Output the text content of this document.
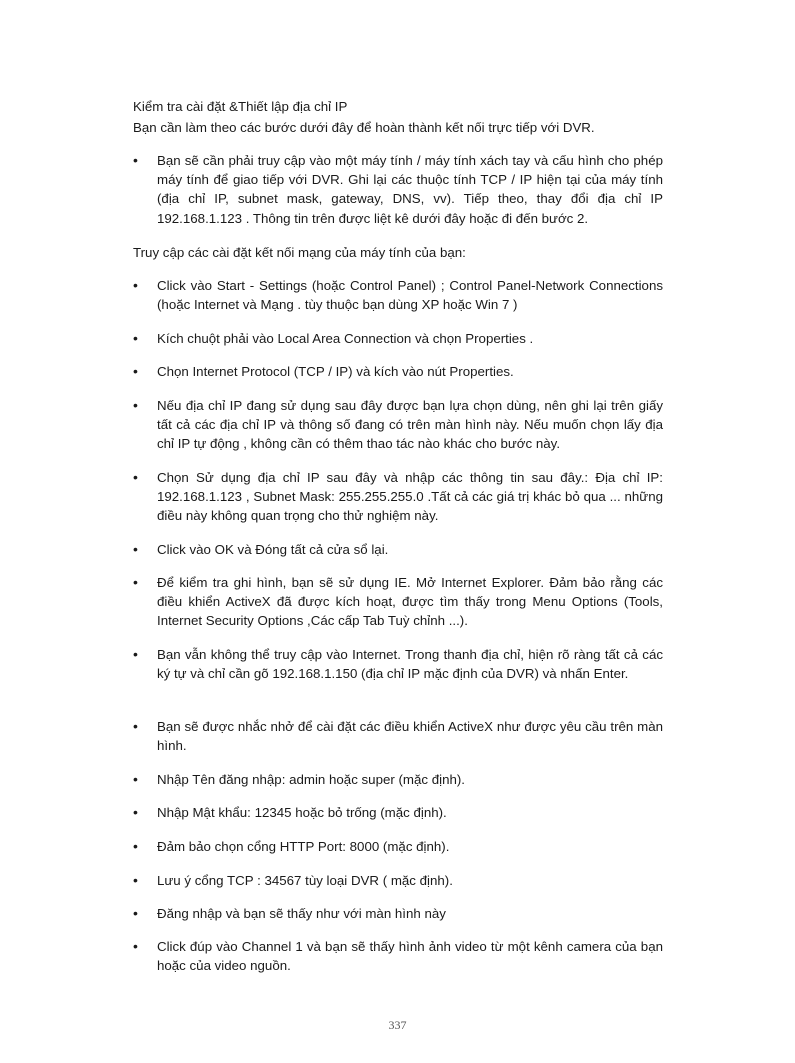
Kiểm tra cài đặt &Thiết lập địa chỉ IP
Bạn cần làm theo các bước dưới đây để hoàn thành kết nối trực tiếp với DVR.
• Bạn sẽ cần phải truy cập vào một máy tính / máy tính xách tay và cấu hình cho phép máy tính để giao tiếp với DVR. Ghi lại các thuộc tính TCP / IP hiện tại của máy tính (địa chỉ IP, subnet mask, gateway, DNS, vv). Tiếp theo, thay đổi địa chỉ IP 192.168.1.123 . Thông tin trên được liệt kê dưới đây hoặc đi đến bước 2.
Truy cập các cài đặt kết nối mạng của máy tính của bạn:
• Click vào Start - Settings (hoặc Control Panel) ; Control Panel-Network Connections (hoặc Internet và Mạng . tùy thuộc bạn dùng XP hoặc Win 7 )
• Kích chuột phải vào Local Area Connection và chọn Properties .
• Chọn Internet Protocol (TCP / IP) và kích vào nút Properties.
• Nếu địa chỉ IP đang sử dụng sau đây được bạn lựa chọn dùng, nên ghi lại trên giấy tất cả các địa chỉ IP và thông số đang có trên màn hình này. Nếu muốn chọn lấy địa chỉ IP tự động , không cần có thêm thao tác nào khác cho bước này.
• Chọn Sử dụng địa chỉ IP sau đây và nhập các thông tin sau đây.: Địa chỉ IP: 192.168.1.123 , Subnet Mask: 255.255.255.0 .Tất cả các giá trị khác bỏ qua ... những điều này không quan trọng cho thử nghiệm này.
• Click vào OK và Đóng tất cả cửa sổ lại.
• Để kiểm tra ghi hình, bạn sẽ sử dụng IE. Mở Internet Explorer. Đảm bảo rằng các điều khiển ActiveX đã được kích hoạt, được tìm thấy trong Menu Options (Tools, Internet Security Options ,Các cấp Tab Tuỳ chỉnh ...).
• Bạn vẫn không thể truy cập vào Internet. Trong thanh địa chỉ, hiện rõ ràng tất cả các ký tự và chỉ cần gõ 192.168.1.150 (địa chỉ IP mặc định của DVR) và nhấn Enter.
• Bạn sẽ được nhắc nhở để cài đặt các điều khiển ActiveX như được yêu cầu trên màn hình.
• Nhập Tên đăng nhập: admin hoặc super (mặc định).
• Nhập Mật khẩu: 12345 hoặc bỏ trống (mặc định).
• Đảm bảo chọn cổng HTTP Port: 8000 (mặc định).
• Lưu ý cổng TCP : 34567 tùy loại DVR ( mặc định).
• Đăng nhập và bạn sẽ thấy như với màn hình này
• Click đúp vào Channel 1 và bạn sẽ thấy hình ảnh video từ một kênh camera của bạn hoặc của video nguồn.
337
